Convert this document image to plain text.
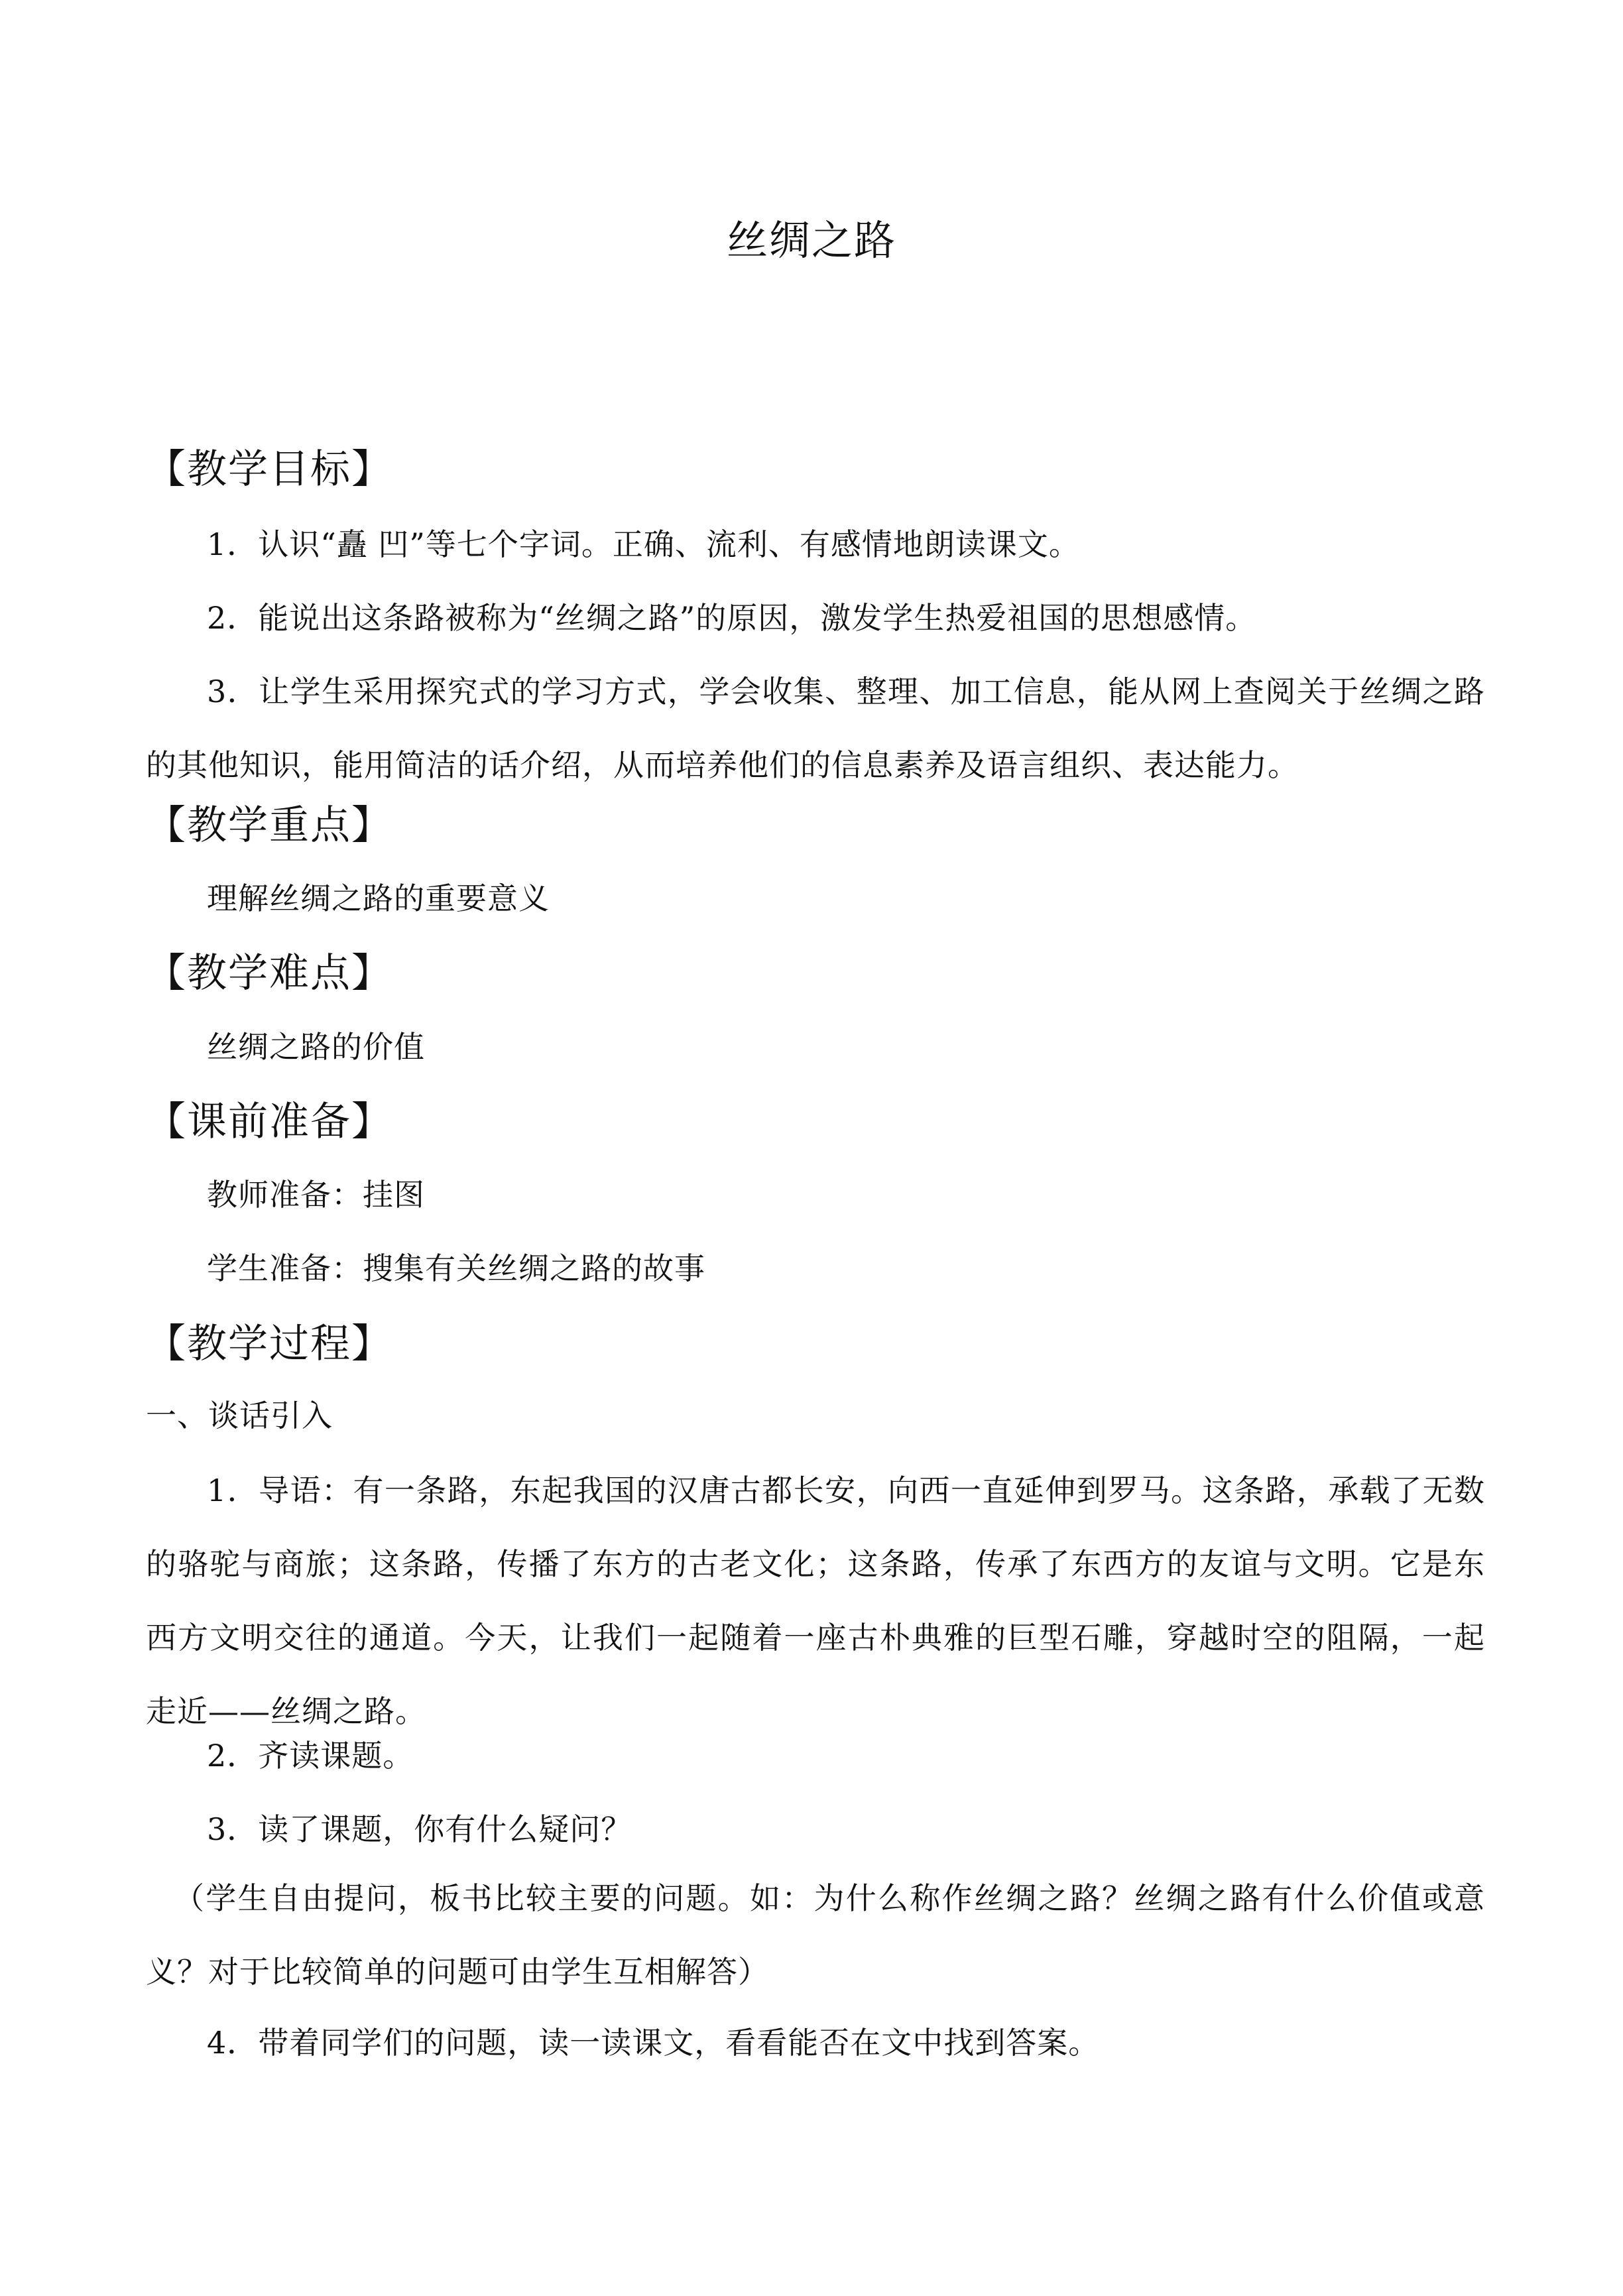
丝绸之路
【教学目标】

1．认识“矗 凹”等七个字词。正确、流利、有感情地朗读课文。

2．能说出这条路被称为“丝绸之路”的原因，激发学生热爱祖国的思想感情。

3．让学生采用探究式的学习方式，学会收集、整理、加工信息，能从网上查阅关于丝绸之路的其他知识，能用简洁的话介绍，从而培养他们的信息素养及语言组织、表达能力。

【教学重点】

理解丝绸之路的重要意义

【教学难点】

丝绸之路的价值

【课前准备】

教师准备：挂图

学生准备：搜集有关丝绸之路的故事

【教学过程】

一、谈话引入

1．导语：有一条路，东起我国的汉唐古都长安，向西一直延伸到罗马。这条路，承载了无数的骆驼与商旅；这条路，传播了东方的古老文化；这条路，传承了东西方的友谊与文明。它是东西方文明交往的通道。今天，让我们一起随着一座古朴典雅的巨型石雕，穿越时空的阻隔，一起走近——丝绸之路。

2．齐读课题。

3．读了课题，你有什么疑问？

（学生自由提问，板书比较主要的问题。如：为什么称作丝绸之路？丝绸之路有什么价值或意义？对于比较简单的问题可由学生互相解答）

4．带着同学们的问题，读一读课文，看看能否在文中找到答案。
